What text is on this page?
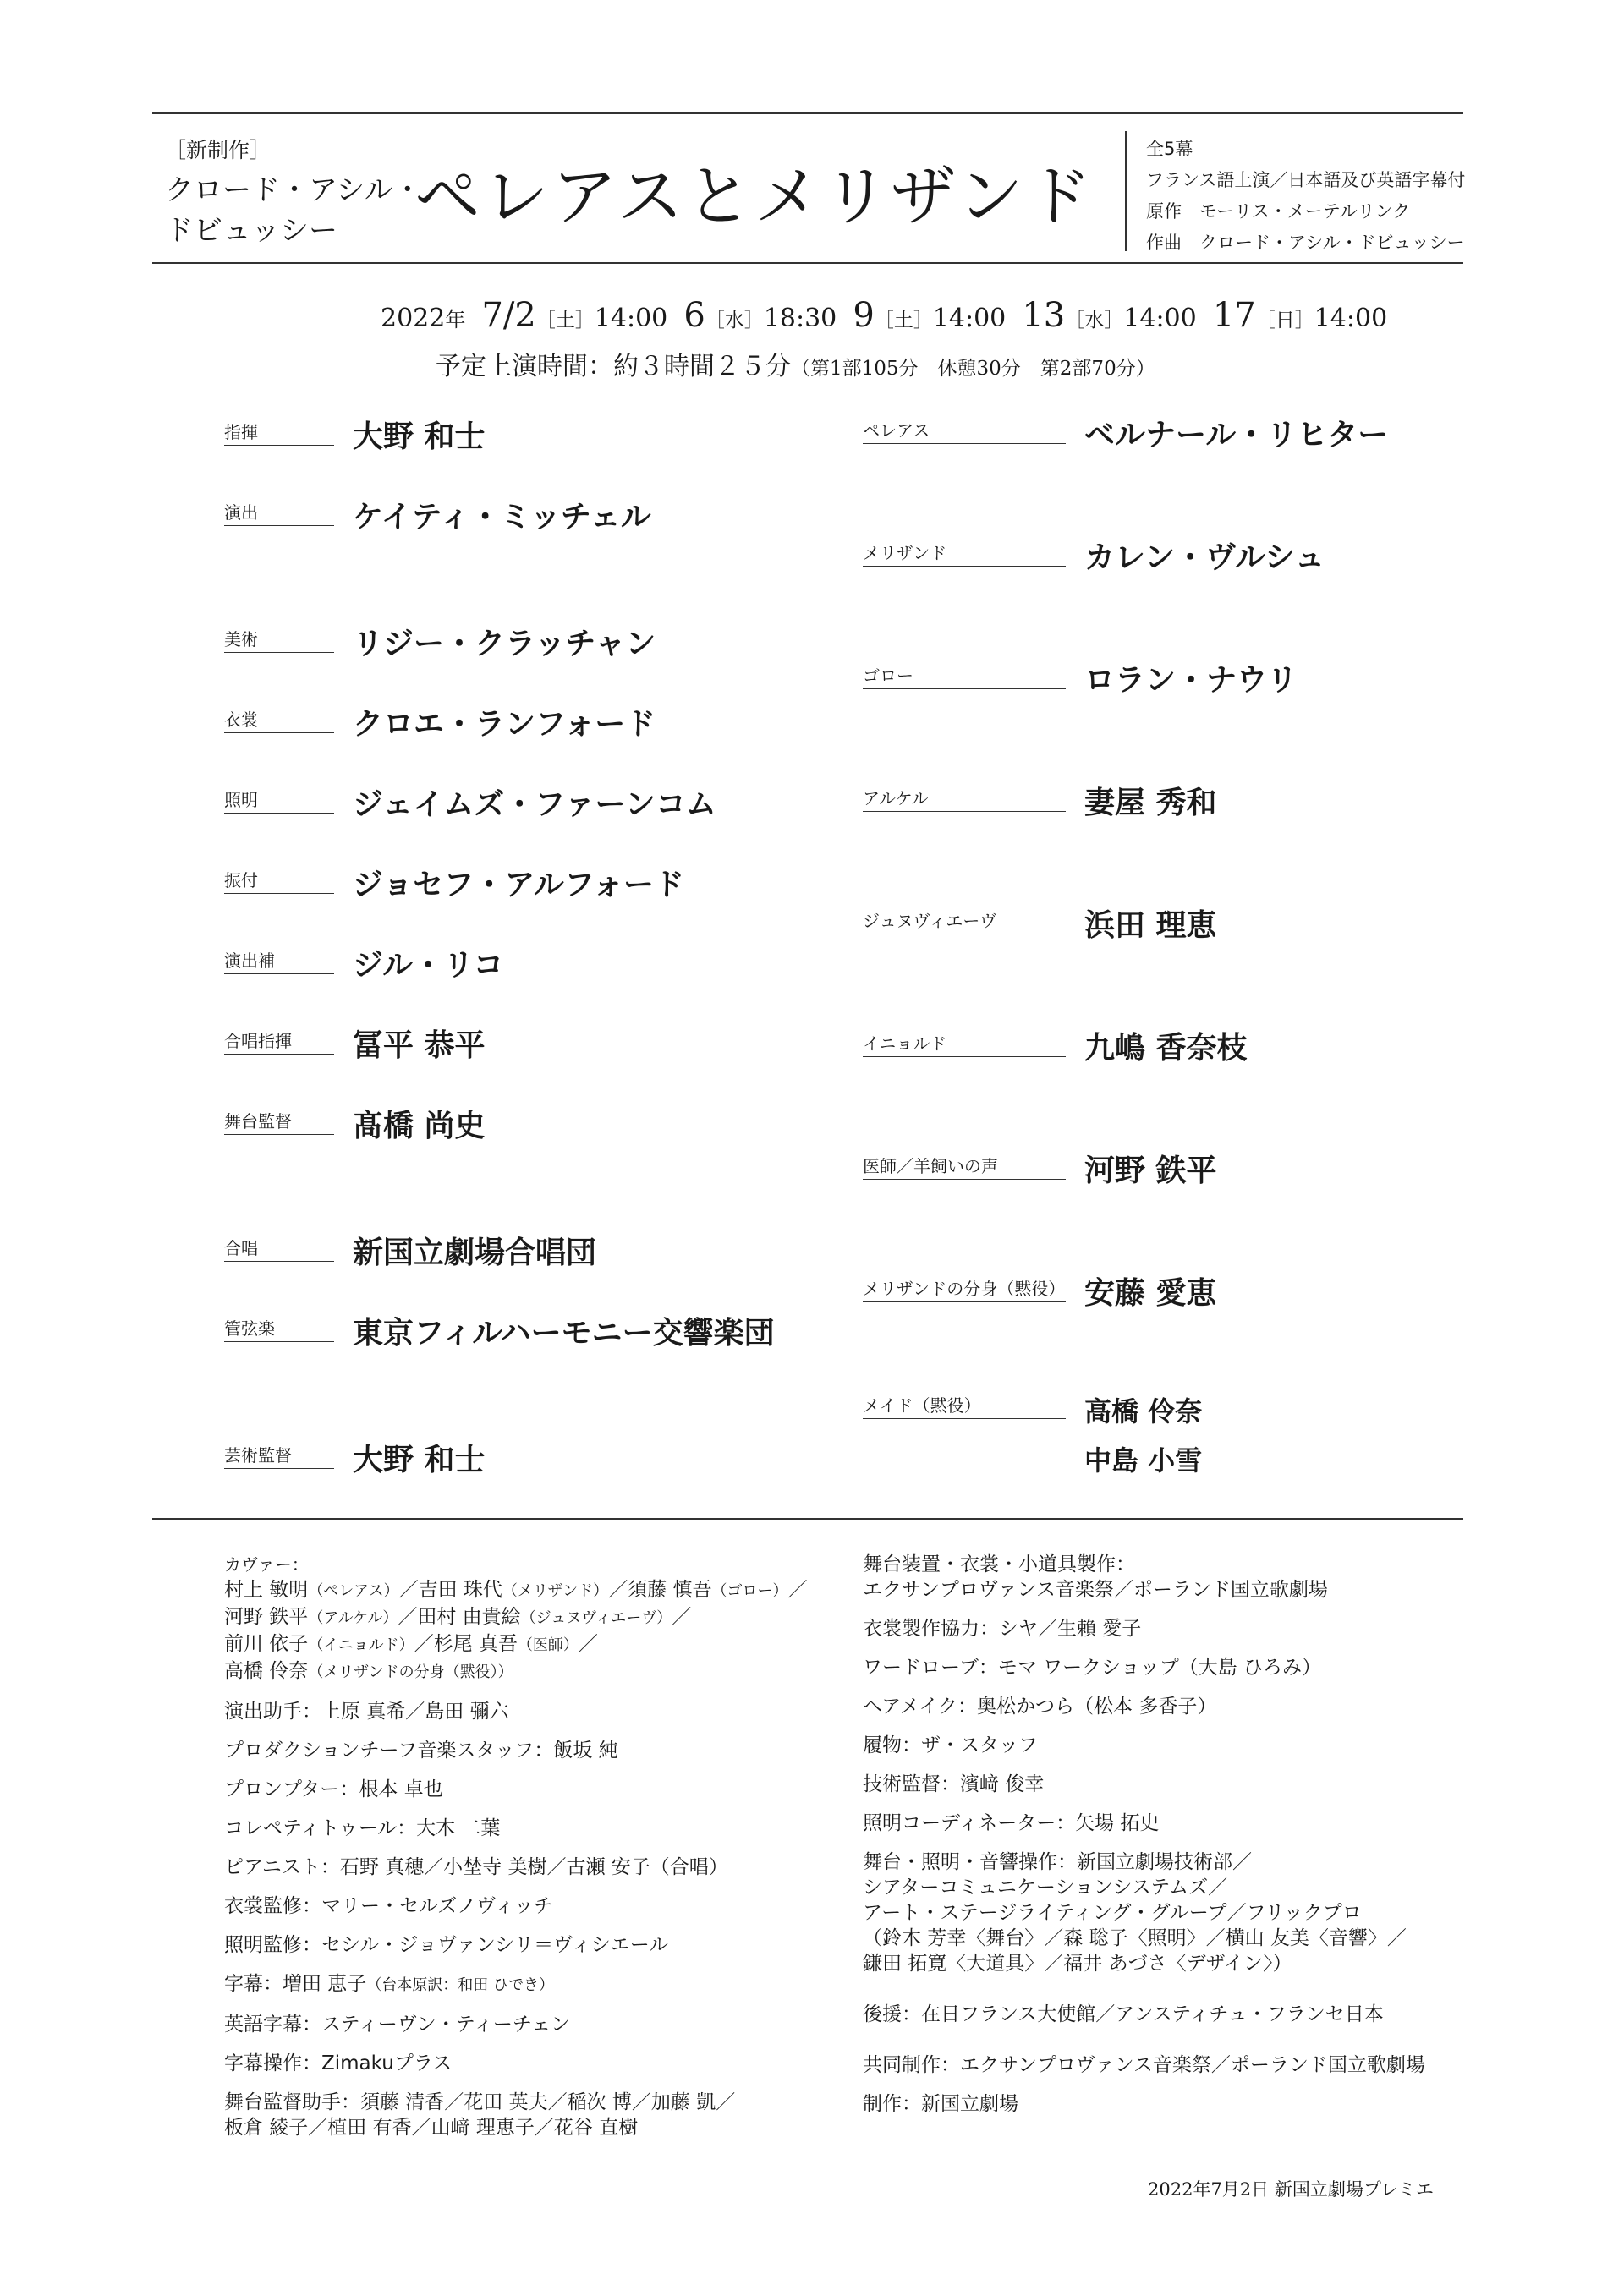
［新制作］
クロード・アシル・
ドビュッシー ペレアスとメリザンド
全5幕
フランス語上演／日本語及び英語字幕付
原作　モーリス・メーテルリンク
作曲　クロード・アシル・ドビュッシー
2022年 7/2［土］14:00 6［水］18:30 9［土］14:00 13［水］14:00 17［日］14:00
予定上演時間：約３時間２５分（第1部105分　休憩30分　第2部70分）
指揮	大野 和士
演出	ケイティ・ミッチェル
美術	リジー・クラッチャン
衣裳	クロエ・ランフォード
照明	ジェイムズ・ファーンコム
振付	ジョセフ・アルフォード
演出補	ジル・リコ
合唱指揮	冨平 恭平
舞台監督	髙橋 尚史
合唱	新国立劇場合唱団
管弦楽	東京フィルハーモニー交響楽団
芸術監督	大野 和士
ペレアス	ベルナール・リヒター
メリザンド	カレン・ヴルシュ
ゴロー	ロラン・ナウリ
アルケル	妻屋 秀和
ジュヌヴィエーヴ	浜田 理恵
イニョルド	九嶋 香奈枝
医師／羊飼いの声	河野 鉄平
メリザンドの分身（黙役） 安藤 愛恵
メイド（黙役）	高橋 伶奈
中島 小雪
カヴァー：
村上 敏明（ペレアス）／吉田 珠代（メリザンド）／須藤 慎吾（ゴロー）／
河野 鉄平（アルケル）／田村 由貴絵（ジュヌヴィエーヴ）／
前川 依子（イニョルド）／杉尾 真吾（医師）／
高橋 伶奈（メリザンドの分身（黙役））
演出助手：上原 真希／島田 彌六
プロダクションチーフ音楽スタッフ：飯坂 純
プロンプター：根本 卓也
コレペティトゥール：大木 二葉
ピアニスト：石野 真穂／小埜寺 美樹／古瀬 安子（合唱）
衣裳監修：マリー・セルズノヴィッチ
照明監修：セシル・ジョヴァンシリ＝ヴィシエール
字幕：増田 恵子（台本原訳：和田 ひでき）
英語字幕：スティーヴン・ティーチェン
字幕操作：Zimakuプラス
舞台監督助手：須藤 清香／花田 英夫／稲次 博／加藤 凱／
板倉 綾子／植田 有香／山﨑 理恵子／花谷 直樹
舞台装置・衣裳・小道具製作：
エクサンプロヴァンス音楽祭／ポーランド国立歌劇場
衣裳製作協力：シヤ／生賴 愛子
ワードローブ：モマ ワークショップ（大島 ひろみ）
ヘアメイク：奥松かつら（松本 多香子）
履物：ザ・スタッフ
技術監督：濱﨑 俊幸
照明コーディネーター：矢場 拓史
舞台・照明・音響操作：新国立劇場技術部／
シアターコミュニケーションシステムズ／
アート・ステージライティング・グループ／フリックプロ
（鈴木 芳幸〈舞台〉／森 聡子〈照明〉／横山 友美〈音響〉／
鎌田 拓寛〈大道具〉／福井 あづさ〈デザイン〉）
後援：在日フランス大使館／アンスティチュ・フランセ日本
共同制作：エクサンプロヴァンス音楽祭／ポーランド国立歌劇場
制作：新国立劇場
2022年7月2日 新国立劇場プレミエ
